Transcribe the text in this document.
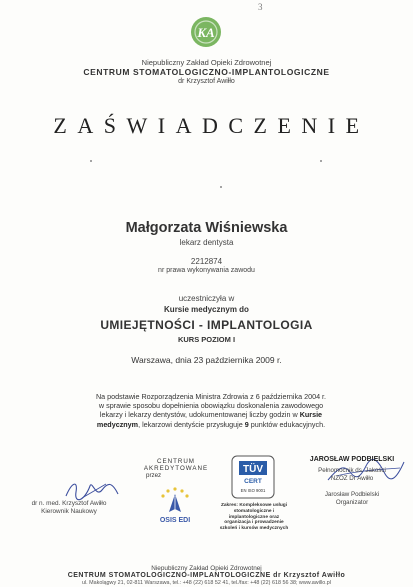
3
KA
Niepubliczny Zakład Opieki Zdrowotnej
CENTRUM STOMATOLOGICZNO-IMPLANTOLOGICZNE
dr Krzysztof Awiłło
ZAŚWIADCZENIE
Małgorzata Wiśniewska
lekarz dentysta
2212874
nr prawa wykonywania zawodu
uczestniczyła w
Kursie medycznym do
UMIEJĘTNOŚCI - IMPLANTOLOGIA
KURS POZIOM I
Warszawa, dnia 23 października 2009 r.
Na podstawie Rozporządzenia Ministra Zdrowia z 6 października 2004 r.
w sprawie sposobu dopełnienia obowiązku doskonalenia zawodowego
lekarzy i lekarzy dentystów, udokumentowanej liczby godzin w Kursie
medycznym, lekarzowi dentyście przysługuje 9 punktów edukacyjnych.
dr n. med. Krzysztof Awiłło
Kierownik Naukowy
CENTRUM
AKREDYTOWANE
przez
OSIS EDI
TÜV
CERT
EN ISO 9001
Zakres: Kompleksowe usługi stomatologiczne i implantologiczne oraz organizacja i prowadzenie szkoleń i kursów medycznych
JAROSŁAW PODBIELSKI
Pełnomocnik ds. Jakości
NZOZ Dr Awiłło
Jarosław Podbielski
Organizator
Niepubliczny Zakład Opieki Zdrowotnej
CENTRUM STOMATOLOGICZNO-IMPLANTOLOGICZNE dr Krzysztof Awiłło
ul. Makolągwy 21, 02-811 Warszawa, tel.: +48 (22) 618 52 41, tel./fax: +48 (22) 618 56 38; www.awillo.pl
